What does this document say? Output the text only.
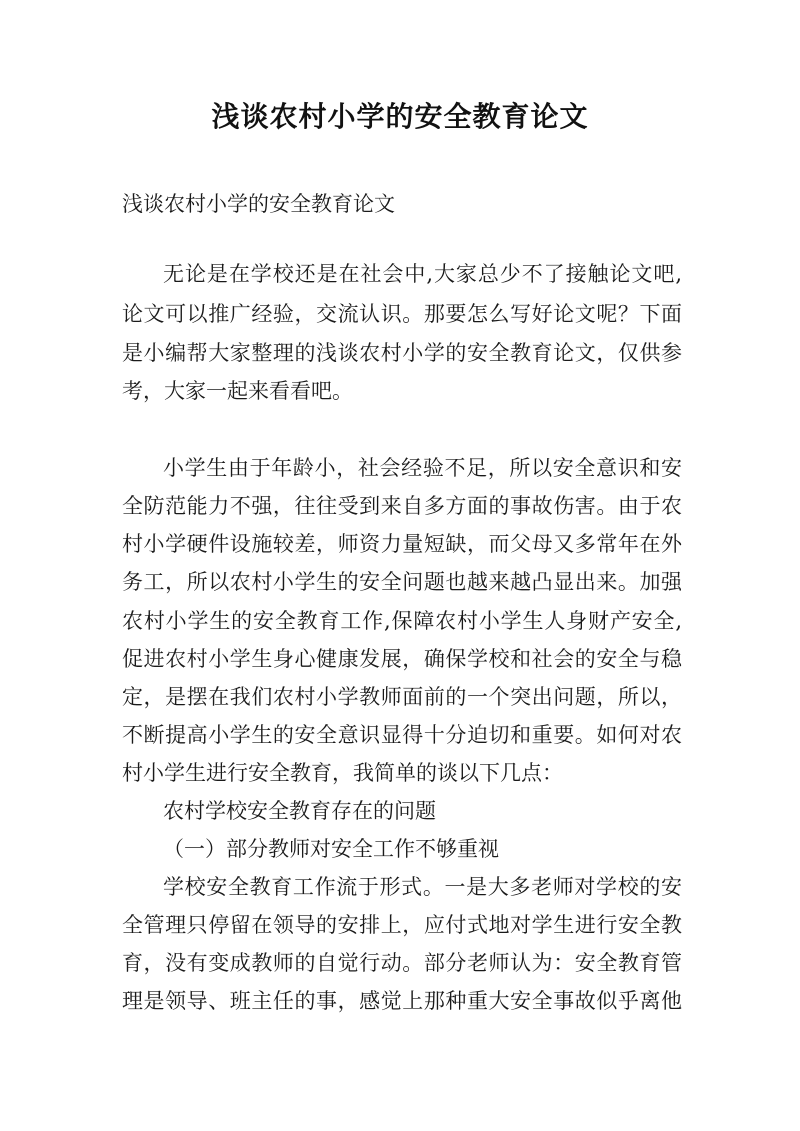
浅谈农村小学的安全教育论文
浅谈农村小学的安全教育论文
无论是在学校还是在社会中,大家总少不了接触论文吧,
论文可以推广经验，交流认识。那要怎么写好论文呢？下面
是小编帮大家整理的浅谈农村小学的安全教育论文，仅供参
考，大家一起来看看吧。
小学生由于年龄小，社会经验不足，所以安全意识和安
全防范能力不强，往往受到来自多方面的事故伤害。由于农
村小学硬件设施较差，师资力量短缺，而父母又多常年在外
务工，所以农村小学生的安全问题也越来越凸显出来。加强
农村小学生的安全教育工作,保障农村小学生人身财产安全,
促进农村小学生身心健康发展，确保学校和社会的安全与稳
定，是摆在我们农村小学教师面前的一个突出问题，所以，
不断提高小学生的安全意识显得十分迫切和重要。如何对农
村小学生进行安全教育，我简单的谈以下几点：
农村学校安全教育存在的问题
（一）部分教师对安全工作不够重视
学校安全教育工作流于形式。一是大多老师对学校的安
全管理只停留在领导的安排上，应付式地对学生进行安全教
育，没有变成教师的自觉行动。部分老师认为：安全教育管
理是领导、班主任的事，感觉上那种重大安全事故似乎离他
